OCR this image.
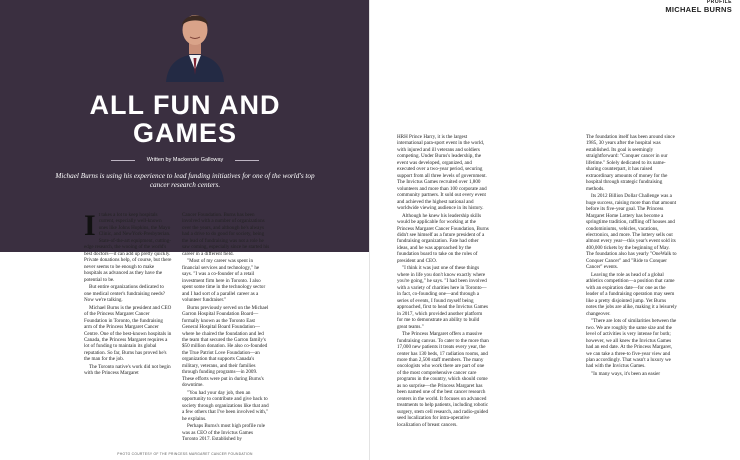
ALL FUN AND
GAMES
Written by Mackenzie Galloway
Michael Burns is using his experience to lead funding initiatives for one of the world's top cancer research centers.
I t takes a lot to keep hospitals current, especially well-known ones like Johns Hopkins, the Mayo Clinic, and NewYork-Presbyterian. State-of-the-art equipment, cutting-edge research, the wooing of the world's best doctors—it can add up pretty quickly. Private donations help, of course, but there never seems to be enough to make hospitals as advanced as they have the potential to be.

But entire organizations dedicated to one medical center's fundraising needs? Now we're talking.

Michael Burns is the president and CEO of the Princess Margaret Cancer Foundation in Toronto, the fundraising arm of the Princess Margaret Cancer Centre. One of the best-known hospitals in Canada, the Princess Margaret requires a lot of funding to maintain its global reputation. So far, Burns has proved he's the man for the job.

The Toronto native's work did not begin with the Princess Margaret

Cancer Foundation. Burns has been involved with a number of organizations over the years, and although he's always had a drive to do good for society, being the lead of fundraising was not a role he saw coming, especially since he started his career in a different field.

"Most of my career was spent in financial services and technology," he says. "I was a co-founder of a retail investment firm here in Toronto. I also spent some time in the technology sector and I had sort of a parallel career as a volunteer fundraiser."

Burns previously served on the Michael Garron Hospital Foundation Board—formally known as the Toronto East General Hospital Board Foundation—where he chaired the foundation and led the team that secured the Garron family's $50 million donation. He also co-founded the True Patriot Love Foundation—an organization that supports Canada's military, veterans, and their families through funding programs—in 2009. These efforts were put in during Burns's downtime.

"You had your day job, then an opportunity to contribute and give back to society through organizations like that and a few others that I've been involved with," he explains.

Perhaps Burns's most high profile role was as CEO of the Invictus Games Toronto 2017. Established by

PHOTO COURTESY OF THE PRINCESS MARGARET CANCER FOUNDATION
PROFILE
MICHAEL BURNS

HRH Prince Harry, it is the largest international para-sport event in the world, with injured and ill veterans and soldiers competing. Under Burns's leadership, the event was developed, organized, and executed over a two-year period, securing support from all three levels of government. The Invictus Games recruited over 1,800 volunteers and more than 100 corporate and community partners. It sold out every event and achieved the highest national and worldwide viewing audience in its history.

Although he knew his leadership skills would be applicable for working at the Princess Margaret Cancer Foundation, Burns didn't see himself as a future president of a fundraising organization. Fate had other ideas, and he was approached by the foundation board to take on the roles of president and CEO.

"I think it was just one of these things where in life you don't know exactly where you're going," he says. "I had been involved with a variety of charities here in Toronto—in fact, co-founding one—and through a series of events, I found myself being approached, first to head the Invictus Games in 2017, which provided another platform for me to demonstrate an ability to build great teams."

The Princess Margaret offers a massive fundraising canvas. To cater to the more than 17,000 new patients it treats every year, the center has 130 beds, 17 radiation rooms, and more than 2,500 staff members. The many oncologists who work there are part of one of the most comprehensive cancer care programs in the country, which should come as no surprise—the Princess Margaret has been named one of the best cancer research centers in the world. It focuses on advanced treatments to help patients, including robotic surgery, stem cell research, and radio-guided seed localization for intra-operative localization of breast cancers.

The foundation itself has been around since 1985, 30 years after the hospital was established. Its goal is seemingly straightforward: "Conquer cancer in our lifetime." Solely dedicated to its name-sharing counterpart, it has raised extraordinary amounts of money for the hospital through strategic fundraising methods.

Its 2012 Billion Dollar Challenge was a huge success, raising more than that amount before its five-year goal. The Princess Margaret Home Lottery has become a springtime tradition, raffling off houses and condominiums, vehicles, vacations, electronics, and more. The lottery sells out almost every year—this year's event sold its 400,000 tickets by the beginning of May. The foundation also has yearly "OneWalk to Conquer Cancer" and "Ride to Conquer Cancer" events.

Leaving the role as head of a global athletics competition—a position that came with an expiration date—for one as the leader of a fundraising operation may seem like a pretty disjointed jump. Yet Burns notes the jobs are alike, making it a leisurely changeover.

"There are lots of similarities between the two. We are roughly the same size and the level of activities is very intense for both; however, we all knew the Invictus Games had an end date. At the Princess Margaret, we can take a three-to five-year view and plan accordingly. That wasn't a luxury we had with the Invictus Games.

"In many ways, it's been an easier
